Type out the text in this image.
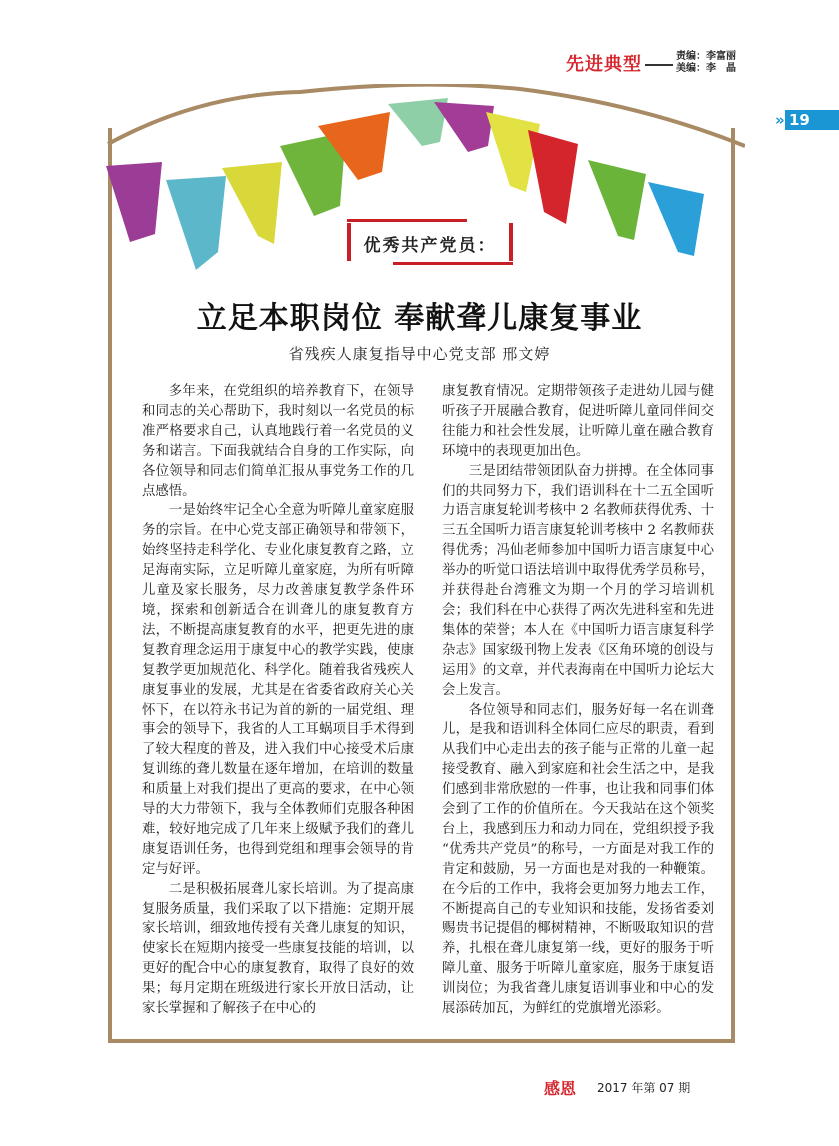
先进典型	责编：李富丽
美编：李　晶
» 19
优秀共产党员：
立足本职岗位 奉献聋儿康复事业
省残疾人康复指导中心党支部 邢文婷

多年来，在党组织的培养教育下，在领导和同志的关心帮助下，我时刻以一名党员的标准严格要求自己，认真地践行着一名党员的义务和诺言。下面我就结合自身的工作实际，向各位领导和同志们简单汇报从事党务工作的几点感悟。

一是始终牢记全心全意为听障儿童家庭服务的宗旨。在中心党支部正确领导和带领下，始终坚持走科学化、专业化康复教育之路，立足海南实际，立足听障儿童家庭，为所有听障儿童及家长服务，尽力改善康复教学条件环境，探索和创新适合在训聋儿的康复教育方法，不断提高康复教育的水平，把更先进的康复教育理念运用于康复中心的教学实践，使康复教学更加规范化、科学化。随着我省残疾人康复事业的发展，尤其是在省委省政府关心关怀下，在以符永书记为首的新的一届党组、理事会的领导下，我省的人工耳蜗项目手术得到了较大程度的普及，进入我们中心接受术后康复训练的聋儿数量在逐年增加，在培训的数量和质量上对我们提出了更高的要求，在中心领导的大力带领下，我与全体教师们克服各种困难，较好地完成了几年来上级赋予我们的聋儿康复语训任务，也得到党组和理事会领导的肯定与好评。

二是积极拓展聋儿家长培训。为了提高康复服务质量，我们采取了以下措施：定期开展家长培训，细致地传授有关聋儿康复的知识，使家长在短期内接受一些康复技能的培训，以更好的配合中心的康复教育，取得了良好的效果；每月定期在班级进行家长开放日活动，让家长掌握和了解孩子在中心的

康复教育情况。定期带领孩子走进幼儿园与健听孩子开展融合教育，促进听障儿童同伴间交往能力和社会性发展，让听障儿童在融合教育环境中的表现更加出色。

三是团结带领团队奋力拼搏。在全体同事们的共同努力下，我们语训科在十二五全国听力语言康复轮训考核中 2 名教师获得优秀、十三五全国听力语言康复轮训考核中 2 名教师获得优秀；冯仙老师参加中国听力语言康复中心举办的听觉口语法培训中取得优秀学员称号，并获得赴台湾雅文为期一个月的学习培训机会；我们科在中心获得了两次先进科室和先进集体的荣誉；本人在《中国听力语言康复科学杂志》国家级刊物上发表《区角环境的创设与运用》的文章，并代表海南在中国听力论坛大会上发言。

各位领导和同志们，服务好每一名在训聋儿，是我和语训科全体同仁应尽的职责，看到从我们中心走出去的孩子能与正常的儿童一起接受教育、融入到家庭和社会生活之中，是我们感到非常欣慰的一件事，也让我和同事们体会到了工作的价值所在。今天我站在这个领奖台上，我感到压力和动力同在，党组织授予我 “优秀共产党员”的称号，一方面是对我工作的肯定和鼓励，另一方面也是对我的一种鞭策。在今后的工作中，我将会更加努力地去工作，不断提高自己的专业知识和技能，发扬省委刘赐贵书记提倡的椰树精神，不断吸取知识的营养，扎根在聋儿康复第一线，更好的服务于听障儿童、服务于听障儿童家庭，服务于康复语训岗位；为我省聋儿康复语训事业和中心的发展添砖加瓦，为鲜红的党旗增光添彩。

感恩 2017 年第 07 期
